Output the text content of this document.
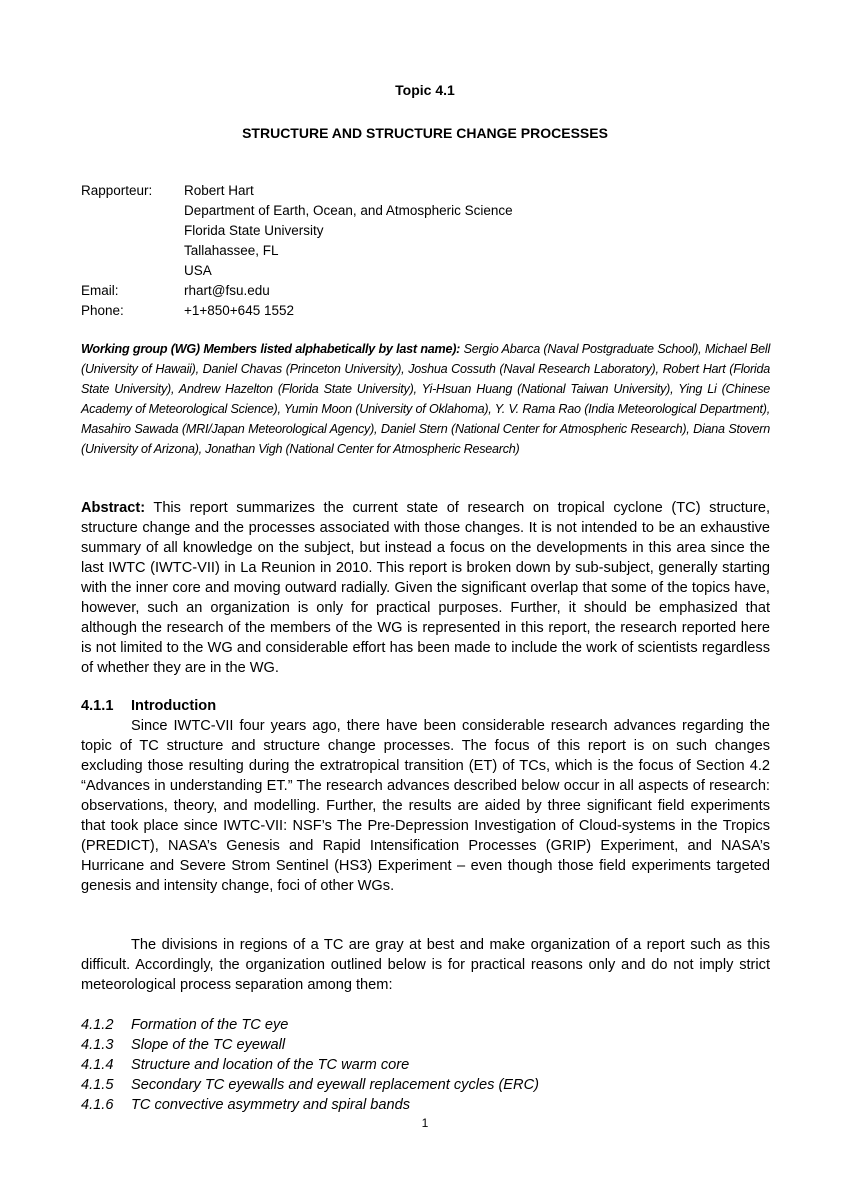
Topic 4.1
STRUCTURE AND STRUCTURE CHANGE PROCESSES
Rapporteur:	Robert Hart
Department of Earth, Ocean, and Atmospheric Science
Florida State University
Tallahassee, FL
USA
Email:	rhart@fsu.edu
Phone:	+1+850+645 1552
Working group (WG) Members listed alphabetically by last name): Sergio Abarca (Naval Postgraduate School), Michael Bell (University of Hawaii), Daniel Chavas (Princeton University), Joshua Cossuth (Naval Research Laboratory), Robert Hart (Florida State University), Andrew Hazelton (Florida State University), Yi-Hsuan Huang (National Taiwan University), Ying Li (Chinese Academy of Meteorological Science), Yumin Moon (University of Oklahoma), Y. V. Rama Rao (India Meteorological Department), Masahiro Sawada (MRI/Japan Meteorological Agency), Daniel Stern (National Center for Atmospheric Research), Diana Stovern (University of Arizona), Jonathan Vigh (National Center for Atmospheric Research)
Abstract: This report summarizes the current state of research on tropical cyclone (TC) structure, structure change and the processes associated with those changes. It is not intended to be an exhaustive summary of all knowledge on the subject, but instead a focus on the developments in this area since the last IWTC (IWTC-VII) in La Reunion in 2010. This report is broken down by sub-subject, generally starting with the inner core and moving outward radially. Given the significant overlap that some of the topics have, however, such an organization is only for practical purposes. Further, it should be emphasized that although the research of the members of the WG is represented in this report, the research reported here is not limited to the WG and considerable effort has been made to include the work of scientists regardless of whether they are in the WG.
4.1.1 Introduction
Since IWTC-VII four years ago, there have been considerable research advances regarding the topic of TC structure and structure change processes. The focus of this report is on such changes excluding those resulting during the extratropical transition (ET) of TCs, which is the focus of Section 4.2 “Advances in understanding ET.” The research advances described below occur in all aspects of research: observations, theory, and modelling. Further, the results are aided by three significant field experiments that took place since IWTC-VII: NSF’s The Pre-Depression Investigation of Cloud-systems in the Tropics (PREDICT), NASA’s Genesis and Rapid Intensification Processes (GRIP) Experiment, and NASA’s Hurricane and Severe Strom Sentinel (HS3) Experiment – even though those field experiments targeted genesis and intensity change, foci of other WGs.
The divisions in regions of a TC are gray at best and make organization of a report such as this difficult. Accordingly, the organization outlined below is for practical reasons only and do not imply strict meteorological process separation among them:
4.1.2	Formation of the TC eye
4.1.3	Slope of the TC eyewall
4.1.4	Structure and location of the TC warm core
4.1.5	Secondary TC eyewalls and eyewall replacement cycles (ERC)
4.1.6	TC convective asymmetry and spiral bands
1
